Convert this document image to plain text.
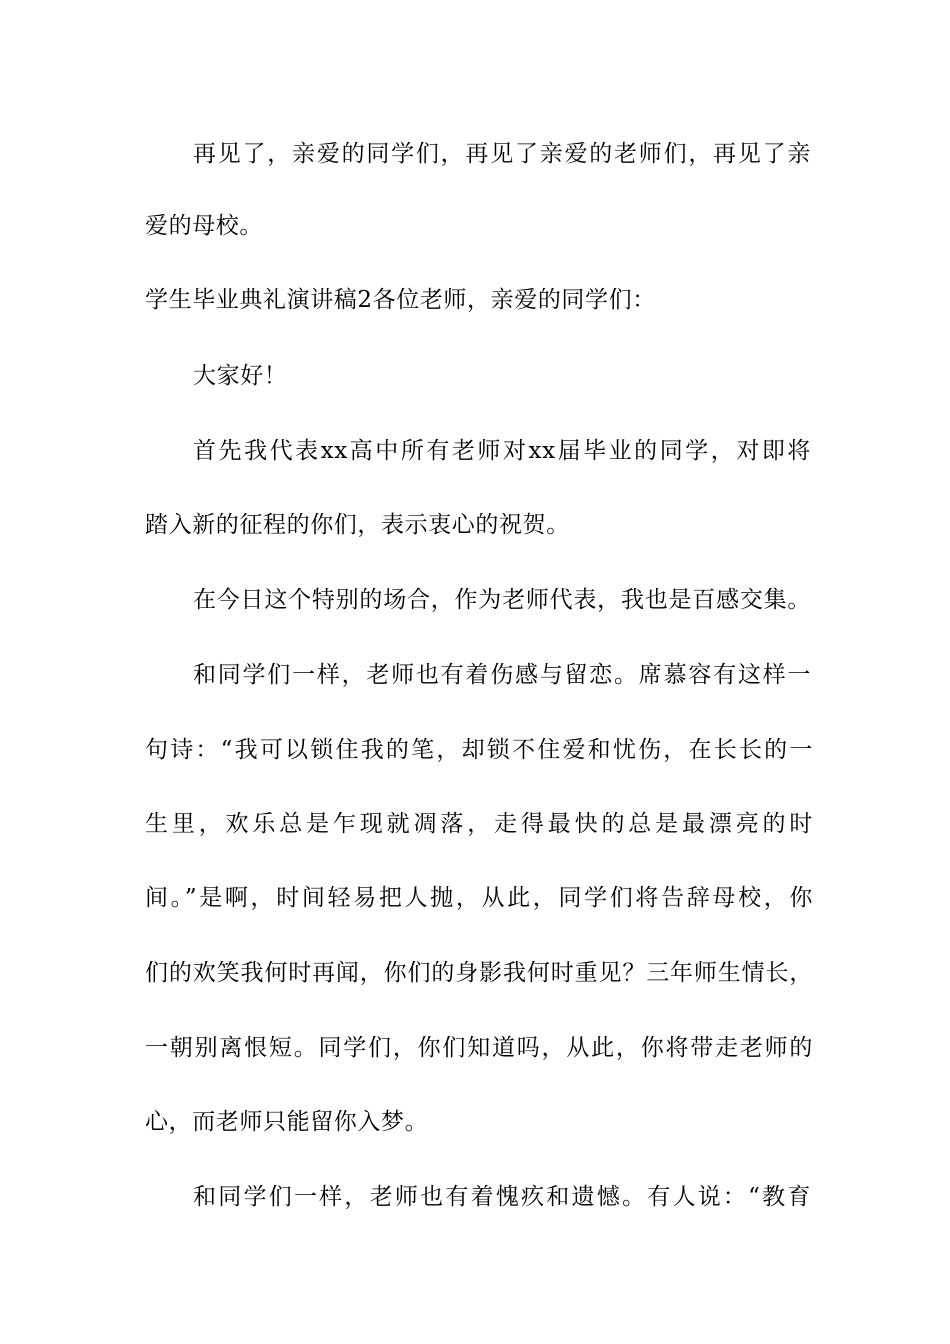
再见了，亲爱的同学们，再见了亲爱的老师们，再见了亲
爱的母校。
学生毕业典礼演讲稿2各位老师，亲爱的同学们：
大家好！
首先我代表xx高中所有老师对xx届毕业的同学，对即将
踏入新的征程的你们，表示衷心的祝贺。
在今日这个特别的场合，作为老师代表，我也是百感交集。
和同学们一样，老师也有着伤感与留恋。席慕容有这样一
句诗：“我可以锁住我的笔，却锁不住爱和忧伤，在长长的一
生里，欢乐总是乍现就凋落，走得最快的总是最漂亮的时
间。”是啊，时间轻易把人抛，从此，同学们将告辞母校，你
们的欢笑我何时再闻，你们的身影我何时重见？三年师生情长，
一朝别离恨短。同学们，你们知道吗，从此，你将带走老师的
心，而老师只能留你入梦。
和同学们一样，老师也有着愧疚和遗憾。有人说：“教育
